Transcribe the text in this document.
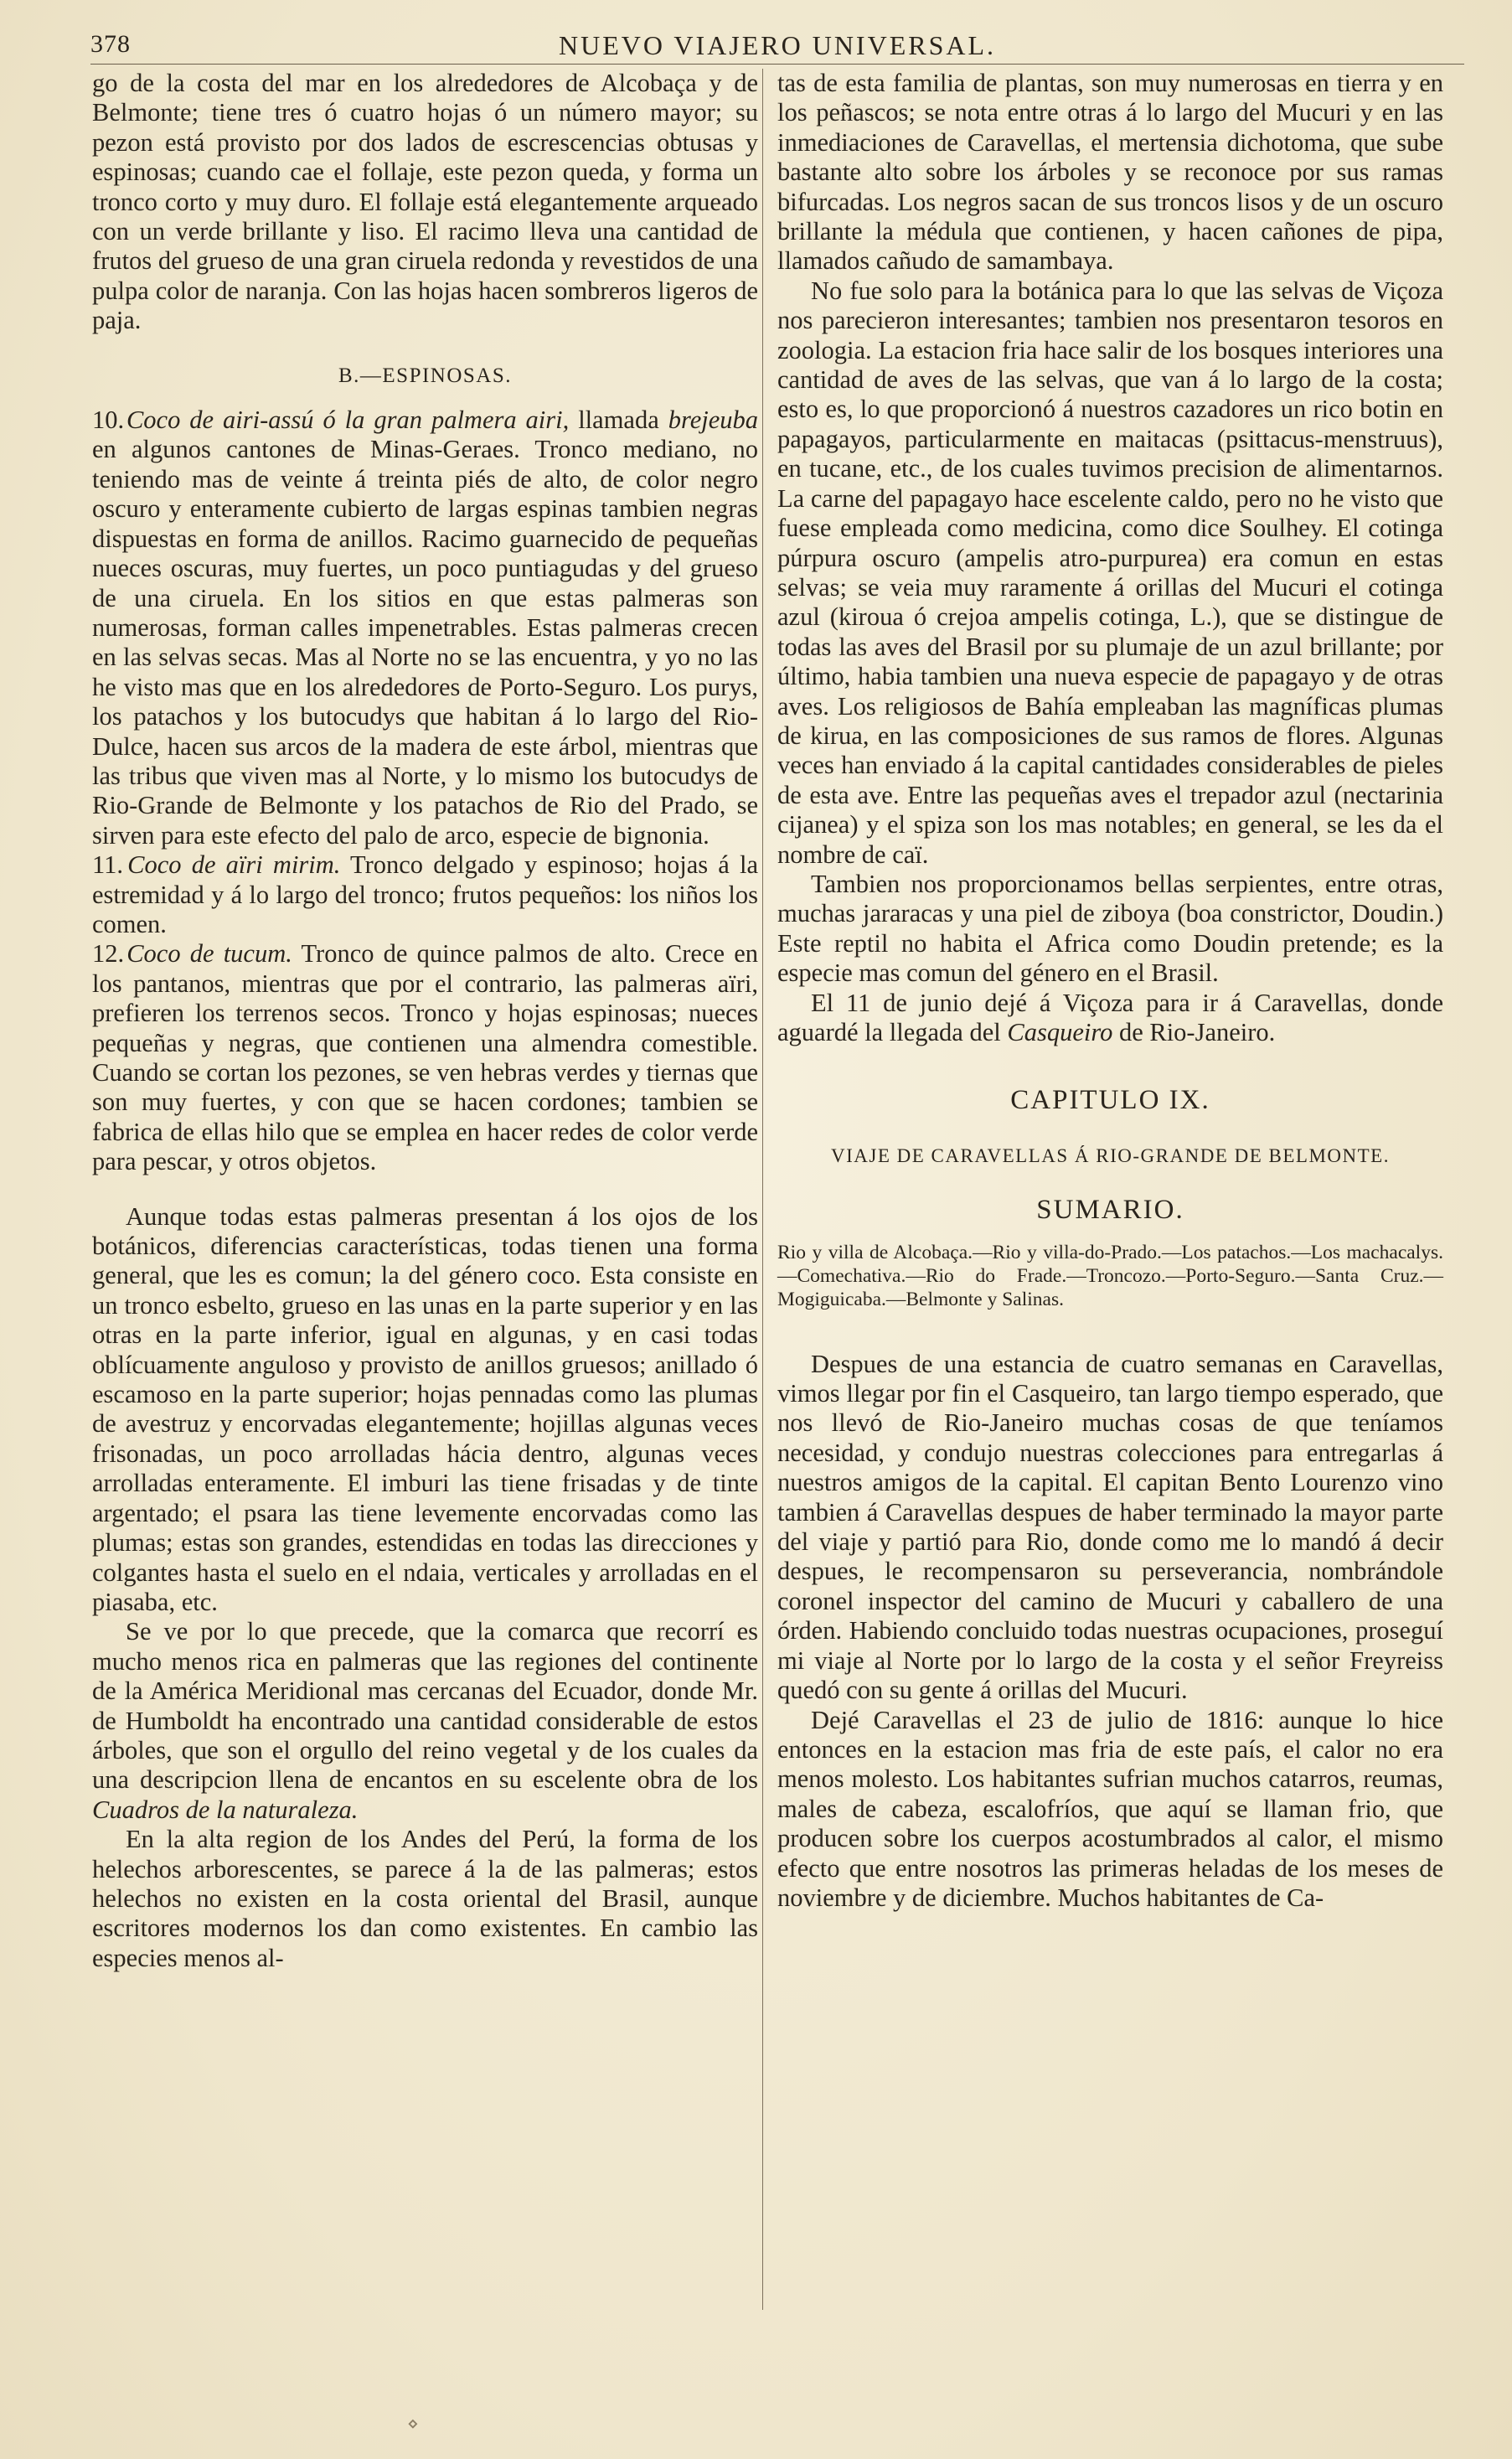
378	NUEVO VIAJERO UNIVERSAL.

go de la costa del mar en los alrededores de Alcobaça y de Belmonte; tiene tres ó cuatro hojas ó un número mayor; su pezon está provisto por dos lados de escrescencias obtusas y espinosas; cuando cae el follaje, este pezon queda, y forma un tronco corto y muy duro. El follaje está elegantemente arqueado con un verde brillante y liso. El racimo lleva una cantidad de frutos del grueso de una gran ciruela redonda y revestidos de una pulpa color de naranja. Con las hojas hacen sombreros ligeros de paja.

B.—ESPINOSAS.

10. Coco de airi-assú ó la gran palmera airi, llamada brejeuba en algunos cantones de Minas-Geraes. Tronco mediano, no teniendo mas de veinte á treinta piés de alto, de color negro oscuro y enteramente cubierto de largas espinas tambien negras dispuestas en forma de anillos. Racimo guarnecido de pequeñas nueces oscuras, muy fuertes, un poco puntiagudas y del grueso de una ciruela. En los sitios en que estas palmeras son numerosas, forman calles impenetrables. Estas palmeras crecen en las selvas secas. Mas al Norte no se las encuentra, y yo no las he visto mas que en los alrededores de Porto-Seguro. Los purys, los patachos y los butocudys que habitan á lo largo del Rio-Dulce, hacen sus arcos de la madera de este árbol, mientras que las tribus que viven mas al Norte, y lo mismo los butocudys de Rio-Grande de Belmonte y los patachos de Rio del Prado, se sirven para este efecto del palo de arco, especie de bignonia.

11. Coco de aïri mirim. Tronco delgado y espinoso; hojas á la estremidad y á lo largo del tronco; frutos pequeños: los niños los comen.

12. Coco de tucum. Tronco de quince palmos de alto. Crece en los pantanos, mientras que por el contrario, las palmeras aïri, prefieren los terrenos secos. Tronco y hojas espinosas; nueces pequeñas y negras, que contienen una almendra comestible. Cuando se cortan los pezones, se ven hebras verdes y tiernas que son muy fuertes, y con que se hacen cordones; tambien se fabrica de ellas hilo que se emplea en hacer redes de color verde para pescar, y otros objetos.

Aunque todas estas palmeras presentan á los ojos de los botánicos, diferencias características, todas tienen una forma general, que les es comun; la del género coco. Esta consiste en un tronco esbelto, grueso en las unas en la parte superior y en las otras en la parte inferior, igual en algunas, y en casi todas oblícuamente anguloso y provisto de anillos gruesos; anillado ó escamoso en la parte superior; hojas pennadas como las plumas de avestruz y encorvadas elegantemente; hojillas algunas veces frisonadas, un poco arrolladas hácia dentro, algunas veces arrolladas enteramente. El imburi las tiene frisadas y de tinte argentado; el psara las tiene levemente encorvadas como las plumas; estas son grandes, estendidas en todas las direcciones y colgantes hasta el suelo en el ndaia, verticales y arrolladas en el piasaba, etc.

Se ve por lo que precede, que la comarca que recorrí es mucho menos rica en palmeras que las regiones del continente de la América Meridional mas cercanas del Ecuador, donde Mr. de Humboldt ha encontrado una cantidad considerable de estos árboles, que son el orgullo del reino vegetal y de los cuales da una descripcion llena de encantos en su escelente obra de los Cuadros de la naturaleza.

En la alta region de los Andes del Perú, la forma de los helechos arborescentes, se parece á la de las palmeras; estos helechos no existen en la costa oriental del Brasil, aunque escritores modernos los dan como existentes. En cambio las especies menos al-

tas de esta familia de plantas, son muy numerosas en tierra y en los peñascos; se nota entre otras á lo largo del Mucuri y en las inmediaciones de Caravellas, el mertensia dichotoma, que sube bastante alto sobre los árboles y se reconoce por sus ramas bifurcadas. Los negros sacan de sus troncos lisos y de un oscuro brillante la médula que contienen, y hacen cañones de pipa, llamados cañudo de samambaya.

No fue solo para la botánica para lo que las selvas de Viçoza nos parecieron interesantes; tambien nos presentaron tesoros en zoologia. La estacion fria hace salir de los bosques interiores una cantidad de aves de las selvas, que van á lo largo de la costa; esto es, lo que proporcionó á nuestros cazadores un rico botin en papagayos, particularmente en maitacas (psittacus-menstruus), en tucane, etc., de los cuales tuvimos precision de alimentarnos. La carne del papagayo hace escelente caldo, pero no he visto que fuese empleada como medicina, como dice Soulhey. El cotinga púrpura oscuro (ampelis atro-purpurea) era comun en estas selvas; se veia muy raramente á orillas del Mucuri el cotinga azul (kiroua ó crejoa ampelis cotinga, L.), que se distingue de todas las aves del Brasil por su plumaje de un azul brillante; por último, habia tambien una nueva especie de papagayo y de otras aves. Los religiosos de Bahía empleaban las magníficas plumas de kirua, en las composiciones de sus ramos de flores. Algunas veces han enviado á la capital cantidades considerables de pieles de esta ave. Entre las pequeñas aves el trepador azul (nectarinia cijanea) y el spiza son los mas notables; en general, se les da el nombre de caï.

Tambien nos proporcionamos bellas serpientes, entre otras, muchas jararacas y una piel de ziboya (boa constrictor, Doudin.) Este reptil no habita el Africa como Doudin pretende; es la especie mas comun del género en el Brasil.

El 11 de junio dejé á Viçoza para ir á Caravellas, donde aguardé la llegada del Casqueiro de Rio-Janeiro.

CAPITULO IX.
VIAJE DE CARAVELLAS Á RIO-GRANDE DE BELMONTE.
SUMARIO.

Rio y villa de Alcobaça.—Rio y villa-do-Prado.—Los patachos.—Los machacalys.—Comechativa.—Rio do Frade.—Troncozo.—Porto-Seguro.—Santa Cruz.—Mogiguicaba.—Belmonte y Salinas.

Despues de una estancia de cuatro semanas en Caravellas, vimos llegar por fin el Casqueiro, tan largo tiempo esperado, que nos llevó de Rio-Janeiro muchas cosas de que teníamos necesidad, y condujo nuestras colecciones para entregarlas á nuestros amigos de la capital. El capitan Bento Lourenzo vino tambien á Caravellas despues de haber terminado la mayor parte del viaje y partió para Rio, donde como me lo mandó á decir despues, le recompensaron su perseverancia, nombrándole coronel inspector del camino de Mucuri y caballero de una órden. Habiendo concluido todas nuestras ocupaciones, proseguí mi viaje al Norte por lo largo de la costa y el señor Freyreiss quedó con su gente á orillas del Mucuri.

Dejé Caravellas el 23 de julio de 1816: aunque lo hice entonces en la estacion mas fria de este país, el calor no era menos molesto. Los habitantes sufrian muchos catarros, reumas, males de cabeza, escalofríos, que aquí se llaman frio, que producen sobre los cuerpos acostumbrados al calor, el mismo efecto que entre nosotros las primeras heladas de los meses de noviembre y de diciembre. Muchos habitantes de Ca-

⋄
